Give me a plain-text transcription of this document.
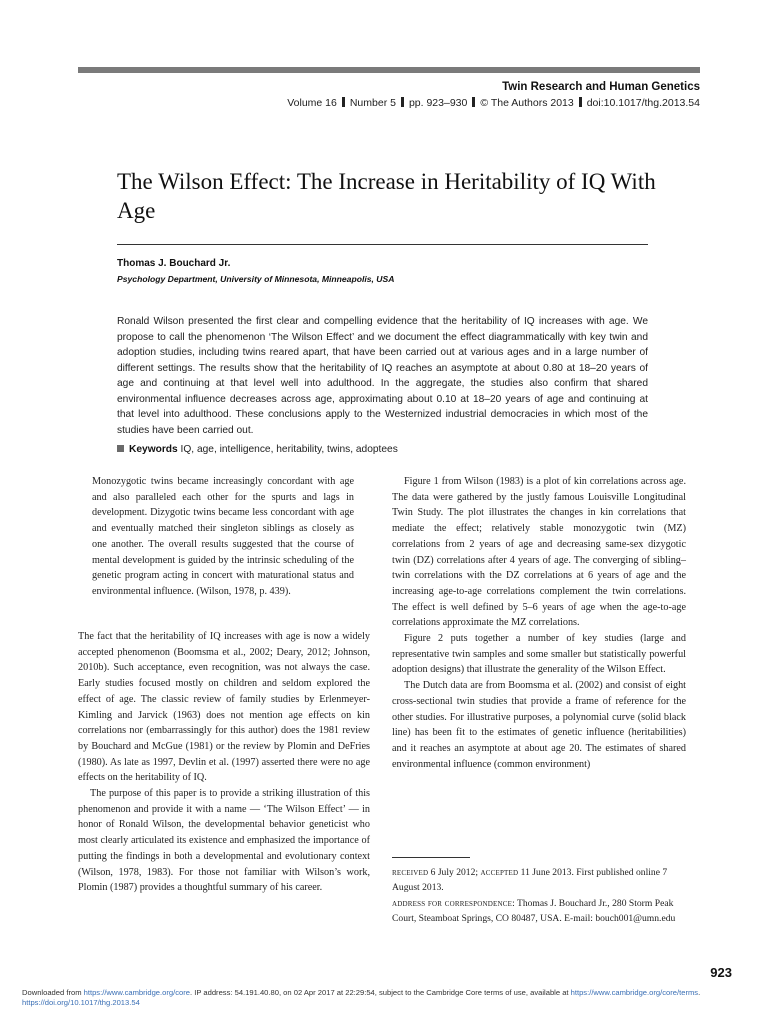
Twin Research and Human Genetics
Volume 16 Number 5 pp. 923–930 © The Authors 2013 doi:10.1017/thg.2013.54
The Wilson Effect: The Increase in Heritability of IQ With Age
Thomas J. Bouchard Jr.
Psychology Department, University of Minnesota, Minneapolis, USA

Ronald Wilson presented the first clear and compelling evidence that the heritability of IQ increases with age. We propose to call the phenomenon ‘The Wilson Effect’ and we document the effect diagrammatically with key twin and adoption studies, including twins reared apart, that have been carried out at various ages and in a large number of different settings. The results show that the heritability of IQ reaches an asymptote at about 0.80 at 18–20 years of age and continuing at that level well into adulthood. In the aggregate, the studies also confirm that shared environmental influence decreases across age, approximating about 0.10 at 18–20 years of age and continuing at that level into adulthood. These conclusions apply to the Westernized industrial democracies in which most of the studies have been carried out.

Keywords IQ, age, intelligence, heritability, twins, adoptees

Monozygotic twins became increasingly concordant with age and also paralleled each other for the spurts and lags in development. Dizygotic twins became less concordant with age and eventually matched their singleton siblings as closely as one another. The overall results suggested that the course of mental development is guided by the intrinsic scheduling of the genetic program acting in concert with maturational status and environmental influence. (Wilson, 1978, p. 439).

The fact that the heritability of IQ increases with age is now a widely accepted phenomenon (Boomsma et al., 2002; Deary, 2012; Johnson, 2010b). Such acceptance, even recognition, was not always the case. Early studies focused mostly on children and seldom explored the effect of age. The classic review of family studies by Erlenmeyer-Kimling and Jarvick (1963) does not mention age effects on kin correlations nor (embarrassingly for this author) does the 1981 review by Bouchard and McGue (1981) or the review by Plomin and DeFries (1980). As late as 1997, Devlin et al. (1997) asserted there were no age effects on the heritability of IQ.

The purpose of this paper is to provide a striking illustration of this phenomenon and provide it with a name — ‘The Wilson Effect’ — in honor of Ronald Wilson, the developmental behavior geneticist who most clearly articulated its existence and emphasized the importance of putting the findings in both a developmental and evolutionary context (Wilson, 1978, 1983). For those not familiar with Wilson’s work, Plomin (1987) provides a thoughtful summary of his career.

Figure 1 from Wilson (1983) is a plot of kin correlations across age. The data were gathered by the justly famous Louisville Longitudinal Twin Study. The plot illustrates the changes in kin correlations that mediate the effect; relatively stable monozygotic twin (MZ) correlations from 2 years of age and decreasing same-sex dizygotic twin (DZ) correlations after 4 years of age. The converging of sibling–twin correlations with the DZ correlations at 6 years of age and the increasing age-to-age correlations complement the twin correlations. The effect is well defined by 5–6 years of age when the age-to-age correlations approximate the MZ correlations.

Figure 2 puts together a number of key studies (large and representative twin samples and some smaller but statistically powerful adoption designs) that illustrate the generality of the Wilson Effect.

The Dutch data are from Boomsma et al. (2002) and consist of eight cross-sectional twin studies that provide a frame of reference for the other studies. For illustrative purposes, a polynomial curve (solid black line) has been fit to the estimates of genetic influence (heritabilities) and it reaches an asymptote at about age 20. The estimates of shared environmental influence (common environment)

received 6 July 2012; accepted 11 June 2013. First published online 7 August 2013.

address for correspondence: Thomas J. Bouchard Jr., 280 Storm Peak Court, Steamboat Springs, CO 80487, USA. E-mail: bouch001@umn.edu

923

Downloaded from https://www.cambridge.org/core. IP address: 54.191.40.80, on 02 Apr 2017 at 22:29:54, subject to the Cambridge Core terms of use, available at https://www.cambridge.org/core/terms. https://doi.org/10.1017/thg.2013.54
